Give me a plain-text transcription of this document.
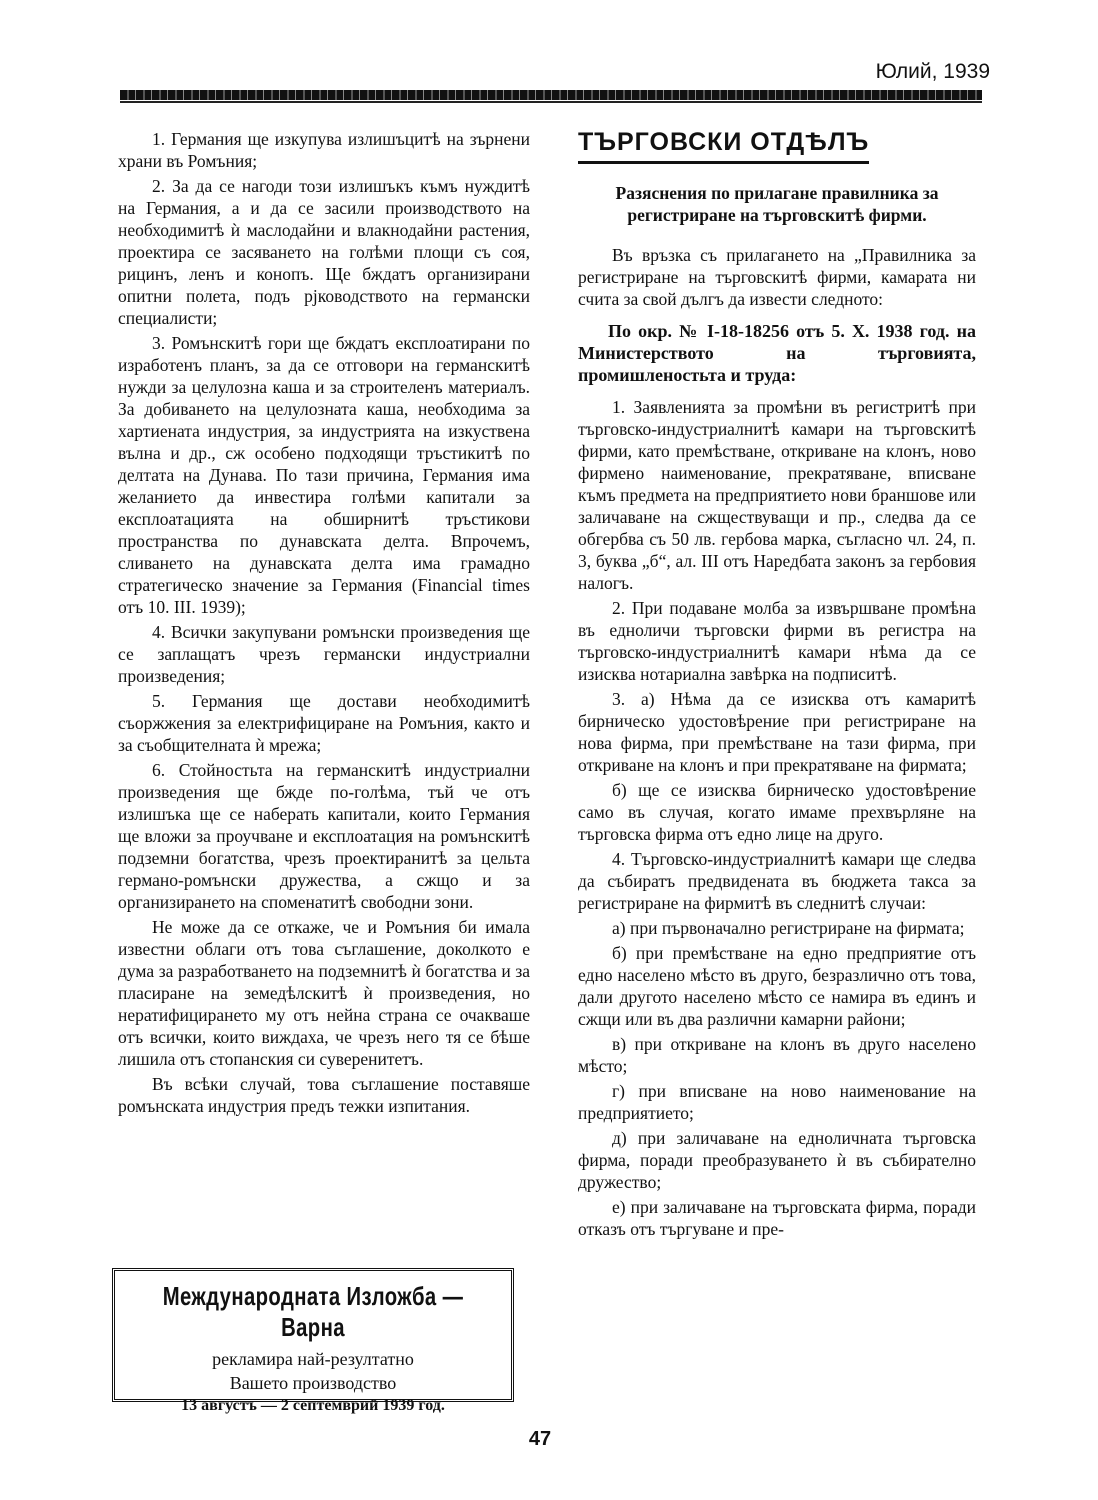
Юлий, 1939

1. Германия ще изкупува излишъцитѣ на зърнени храни въ Ромъния;

2. За да се нагоди този излишъкъ къмъ нуждитѣ на Германия, а и да се засили производството на необходимитѣ ѝ маслодайни и влакнодайни растения, проектира се засяването на голѣми площи съ соя, рицинъ, ленъ и конопъ. Ще бждатъ организирани опитни полета, подъ рjководството на германски специалисти;

3. Ромънскитѣ гори ще бждатъ експлоатирани по изработенъ планъ, за да се отговори на германскитѣ нужди за целулозна каша и за строителенъ материалъ. За добиването на целулозната каша, необходима за хартиената индустрия, за индустрията на изкуствена вълна и др., сж особено подходящи тръстикитѣ по делтата на Дунава. По тази причина, Германия има желанието да инвестира голѣми капитали за експлоатацията на обширнитѣ тръстикови пространства по дунавската делта. Впрочемъ, сливането на дунавската делта има грамадно стратегическо значение за Германия (Financial times отъ 10. III. 1939);

4. Всички закупувани ромънски произведения ще се заплащатъ чрезъ германски индустриални произведения;

5. Германия ще достави необходимитѣ съоржжения за електрифициране на Ромъния, както и за съобщителната ѝ мрежа;

6. Стойностьта на германскитѣ индустриални произведения ще бжде по-голѣма, тъй че отъ излишъка ще се наберать капитали, които Германия ще вложи за проучване и експлоатация на ромънскитѣ подземни богатства, чрезъ проектиранитѣ за цельта германо-ромънски дружества, а сжщо и за организирането на споменатитѣ свободни зони.

Не може да се откаже, че и Ромъния би имала известни облаги отъ това съглашение, доколкото е дума за разработването на подземнитѣ ѝ богатства и за пласиране на земедѣлскитѣ ѝ произведения, но нератифицирането му отъ нейна страна се очакваше отъ всички, които виждаха, че чрезъ него тя се бѣше лишила отъ стопанския си суверенитетъ.

Въ всѣки случай, това съглашение поставяше ромънската индустрия предъ тежки изпитания.

Международната Изложба — Варна
рекламира най-резултатно
Вашето производство
13 августъ — 2 септемврий 1939 год.
ТЪРГОВСКИ ОТДѢЛЪ
Разяснения по прилагане правилника за регистриране на търговскитѣ фирми.

Въ връзка съ прилагането на „Правилника за регистриране на търговскитѣ фирми, камарата ни счита за свой дългъ да извести следното:

По окр. № I-18-18256 отъ 5. X. 1938 год. на Министерството на търговията, промишленостьта и труда:

1. Заявленията за промѣни въ регистритѣ при търговско-индустриалнитѣ камари на търговскитѣ фирми, като премѣстване, откриване на клонъ, ново фирмено наименование, прекратяване, вписване къмъ предмета на предприятието нови браншове или заличаване на сжществуващи и пр., следва да се обгербва съ 50 лв. гербова марка, съгласно чл. 24, п. 3, буква „б“, ал. III отъ Наредбата законъ за гербовия налогъ.

2. При подаване молба за извършване промѣна въ едноличи търговски фирми въ регистра на търговско-индустриалнитѣ камари нѣма да се изисква нотариална завѣрка на подписитѣ.

3. а) Нѣма да се изисква отъ камаритѣ бирническо удостовѣрение при регистриране на нова фирма, при премѣстване на тази фирма, при откриване на клонъ и при прекратяване на фирмата;

б) ще се изисква бирническо удостовѣрение само въ случая, когато имаме прехвърляне на търговска фирма отъ едно лице на друго.

4. Търговско-индустриалнитѣ камари ще следва да събиратъ предвидената въ бюджета такса за регистриране на фирмитѣ въ следнитѣ случаи:

а) при първоначално регистриране на фирмата;

б) при премѣстване на едно предприятие отъ едно населено мѣсто въ друго, безразлично отъ това, дали другото населено мѣсто се намира въ единъ и сжщи или въ два различни камарни райони;

в) при откриване на клонъ въ друго населено мѣсто;

г) при вписване на ново наименование на предприятието;

д) при заличаване на едноличната търговска фирма, поради преобразуването ѝ въ събирателно дружество;

е) при заличаване на търговската фирма, поради отказъ отъ търгуване и пре-

47
